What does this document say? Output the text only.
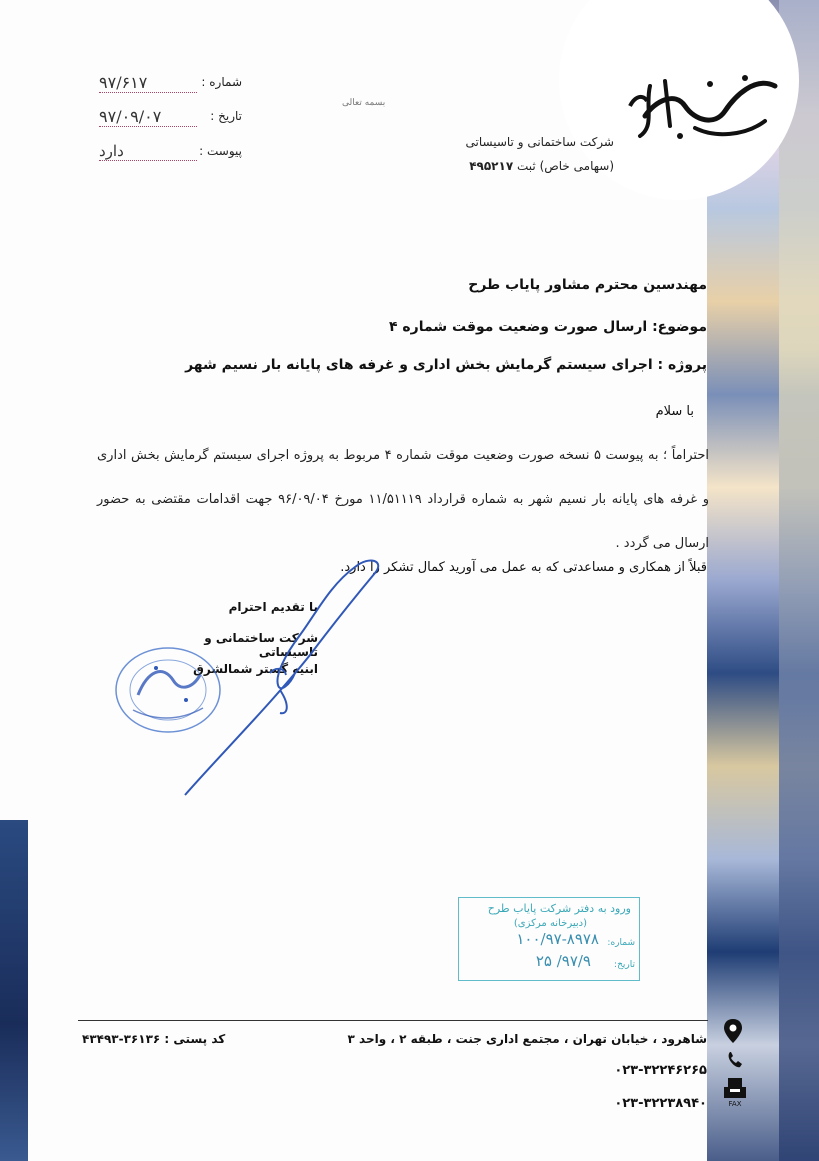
شرکت ساختمانی و تاسیساتی
(سهامی خاص) ثبت ۴۹۵۲۱۷
شماره :
۹۷/۶۱۷
تاریخ :
۹۷/۰۹/۰۷
پیوست :
دارد
بسمه تعالی
مهندسین محترم مشاور پایاب طرح
موضوع: ارسال صورت وضعیت موقت شماره ۴
پروژه : اجرای سیستم گرمایش بخش اداری و غرفه های پایانه بار نسیم شهر
با سلام
احتراماً ؛ به پیوست ۵ نسخه صورت وضعیت موقت شماره ۴ مربوط به پروژه اجرای سیستم گرمایش بخش اداری و غرفه های پایانه بار نسیم شهر به شماره قرارداد ۱۱/۵۱۱۱۹ مورخ ۹۶/۰۹/۰۴ جهت اقدامات مقتضی به حضور ارسال می گردد .
قبلاً از همکاری و مساعدتی که به عمل می آورید کمال تشکر را دارد.
با تقدیم احترام
شرکت ساختمانی و تاسیساتی
ابنیه گستر شمالشرق
ورود به دفتر شرکت پایاب طرح
(دبیرخانه مرکزی)
شماره:
۱۰۰/۹۷-۸۹۷۸
تاریخ:
۹۷/۹/ ۲۵
شاهرود ، خیابان تهران ، مجتمع اداری جنت ، طبقه ۲ ، واحد ۳
کد پستی : ۳۶۱۳۶-۴۳۴۹۳
۰۲۳-۳۲۲۴۶۲۶۵
FAX
۰۲۳-۳۲۲۳۸۹۴۰
